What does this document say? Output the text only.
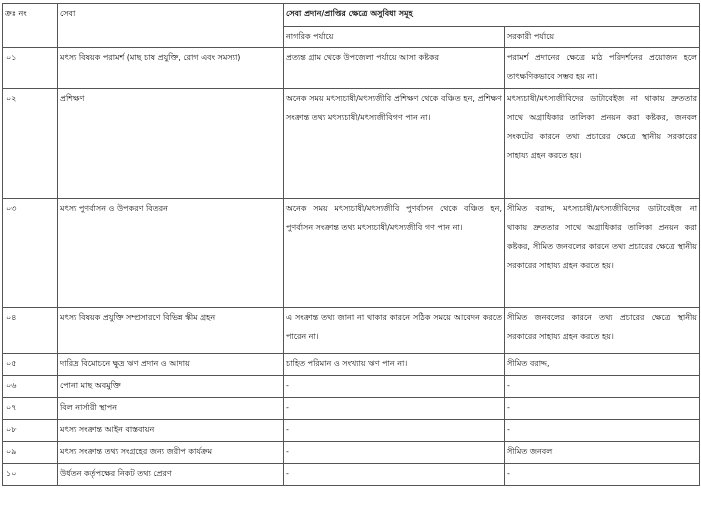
ক্রঃ নং	সেবা	সেবা প্রদান/প্রাপ্তির ক্ষেত্রে অসুবিধা সমূহ	
		নাগরিক পর্যায়ে	সরকারী পর্যায়ে
০১	মৎস্য বিষয়ক পরামর্শ (মাছ চাষ প্রযুক্তি, রোগ এবং সমস্যা)	প্রত্যন্ত গ্রাম থেকে উপজেলা পর্যায়ে আসা কষ্টকর	পরামর্শ প্রদানের ক্ষেত্রে মাঠ পরিদর্শনের প্রয়োজন হলে তাৎক্ষণিকভাবে সম্ভব হয় না।
০২	প্রশিক্ষণ	অনেক সময় মৎস্যচাষী/মৎস্যজীবি প্রশিক্ষণ থেকে বঞ্চিত হন, প্রশিক্ষণ সংক্রান্ত তথ্য মৎস্যচাষী/মৎস্যজীবিগণ পান না।	মৎস্যচাষী/মৎস্যজীবিদের ডাটাবেইজ না থাকায় দ্রুততার সাথে অগ্রাধিকার তালিকা প্রনয়ন করা কষ্টকর, জনবল সংকটের কারনে তথ্য প্রচারের ক্ষেত্রে স্থানীয় সরকারের সাহায্য গ্রহন করতে হয়।
০৩	মৎস্য পুণর্বাসন ও উপকরণ বিতরন	অনেক সময় মৎস্যচাষী/মৎস্যজীবি পুণর্বাসন থেকে বঞ্চিত হন, পুণর্বাসন সংক্রান্ত তথ্য মৎস্যচাষী/মৎস্যজীবি গণ পান না।	সীমিত বরাদ্দ, মৎস্যচাষী/মৎস্যজীবিদের ডাটাবেইজ না থাকায় দ্রুততার সাথে অগ্রাধিকার তালিকা প্রনয়ন করা কষ্টকর, সীমিত জনবলের কারনে তথ্য প্রচারের ক্ষেত্রে স্থানীয় সরকারের সাহায্য গ্রহন করতে হয়।
০৪	মৎস্য বিষয়ক প্রযুক্তি সম্প্রসারণে বিভিন্ন স্কীম গ্রহন	এ সংক্রান্ত তথ্য জানা না থাকার কারনে সঠিক সময়ে আবেদন করতে পারেন না।	সীমিত জনবলের কারনে তথ্য প্রচারের ক্ষেত্রে স্থানীয় সরকারের সাহায্য গ্রহন করতে হয়।
০৫	দারিদ্র বিমোচনে ক্ষুদ্র ঋণ প্রদান ও আদায়	চাহিত পরিমান ও সংখ্যায় ঋণ পান না।	সীমিত বরাদ্দ,
০৬	পোনা মাছ অবমুক্তি	-	-
০৭	বিল নার্সারী স্থাপন	-	-
০৮	মৎস্য সংক্রান্ত আইন বাস্তবায়ন	-	-
০৯	মৎস্য সংক্রান্ত তথ্য সংগ্রহের জন্য জরীপ কার্যক্রম	-	সীমিত জনবল
১০	উর্ধতন কর্তৃপক্ষের নিকট তথ্য প্রেরণ	-	-
